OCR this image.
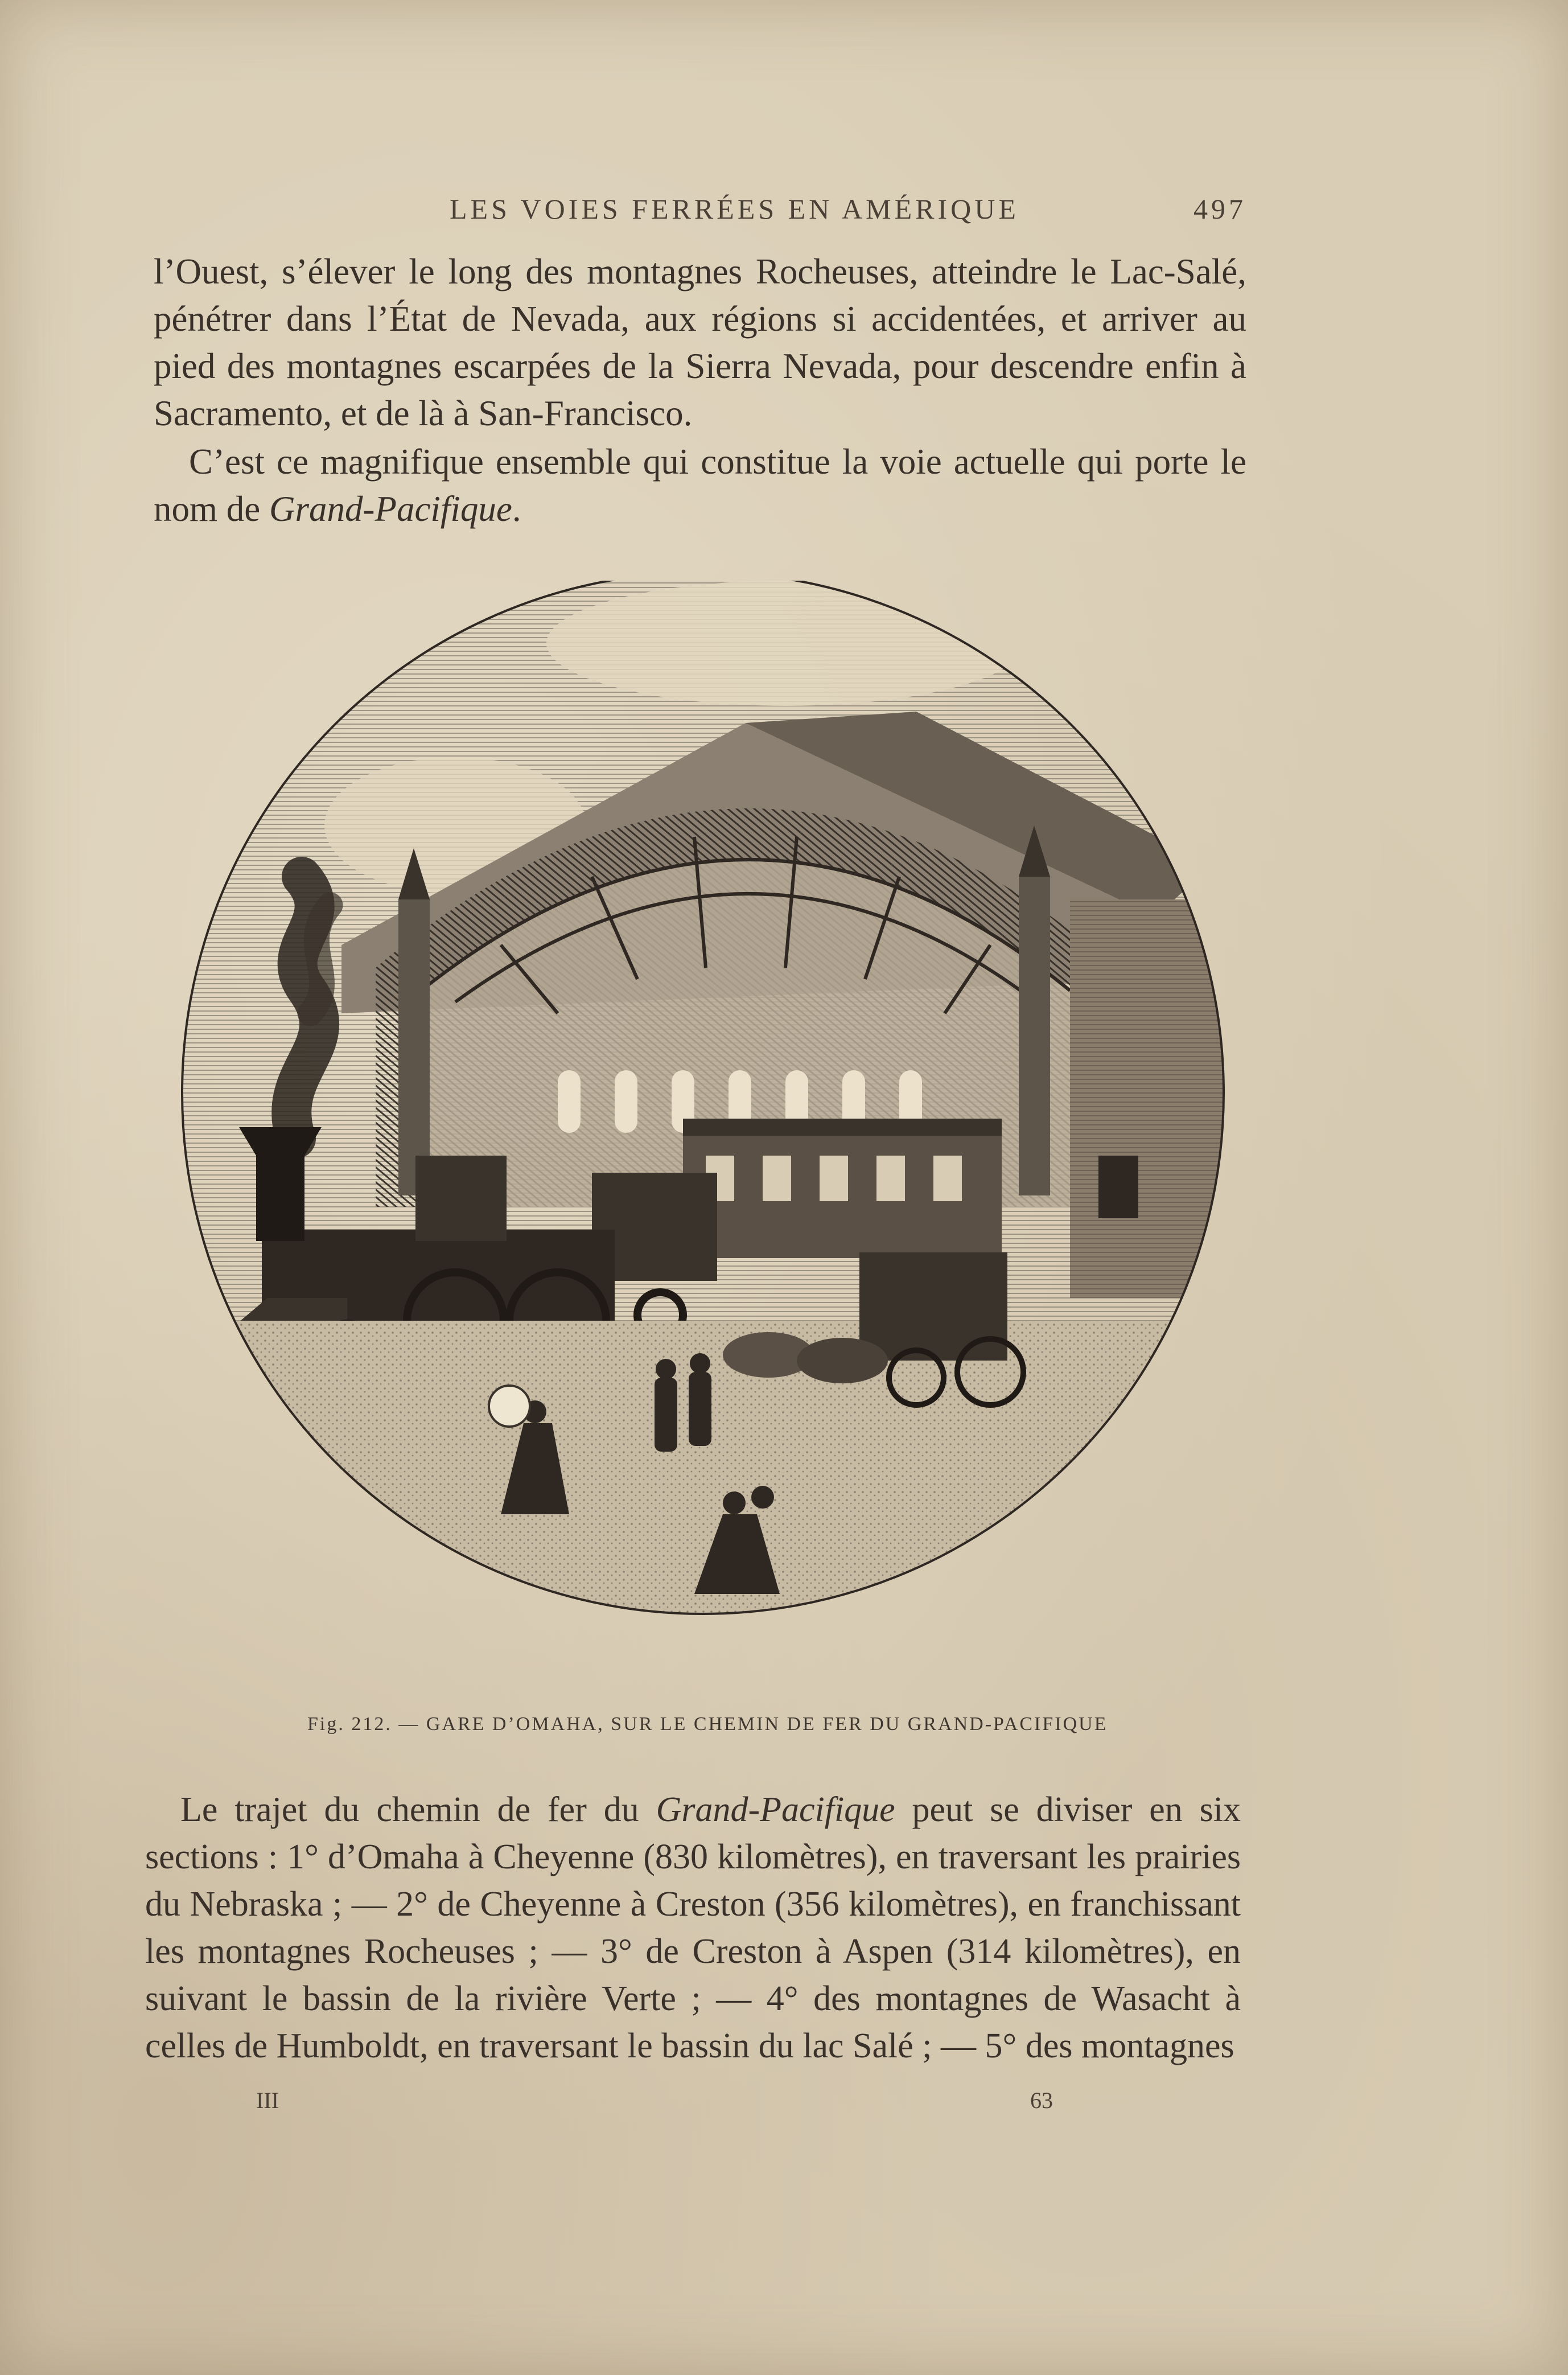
LES VOIES FERRÉES EN AMÉRIQUE	497

l’Ouest, s’élever le long des montagnes Rocheuses, atteindre le Lac-Salé, pénétrer dans l’État de Nevada, aux régions si accidentées, et arriver au pied des montagnes escarpées de la Sierra Nevada, pour descendre enfin à Sacramento, et de là à San-Francisco.

C’est ce magnifique ensemble qui constitue la voie actuelle qui porte le nom de Grand-Pacifique.

Fig. 212. — GARE D’OMAHA, SUR LE CHEMIN DE FER DU GRAND-PACIFIQUE

Le trajet du chemin de fer du Grand-Pacifique peut se diviser en six sections : 1° d’Omaha à Cheyenne (830 kilomètres), en traversant les prairies du Nebraska ; — 2° de Cheyenne à Creston (356 kilomètres), en franchissant les montagnes Rocheuses ; — 3° de Creston à Aspen (314 kilomètres), en suivant le bassin de la rivière Verte ; — 4° des montagnes de Wasacht à celles de Humboldt, en traversant le bassin du lac Salé ; — 5° des montagnes

III	63
